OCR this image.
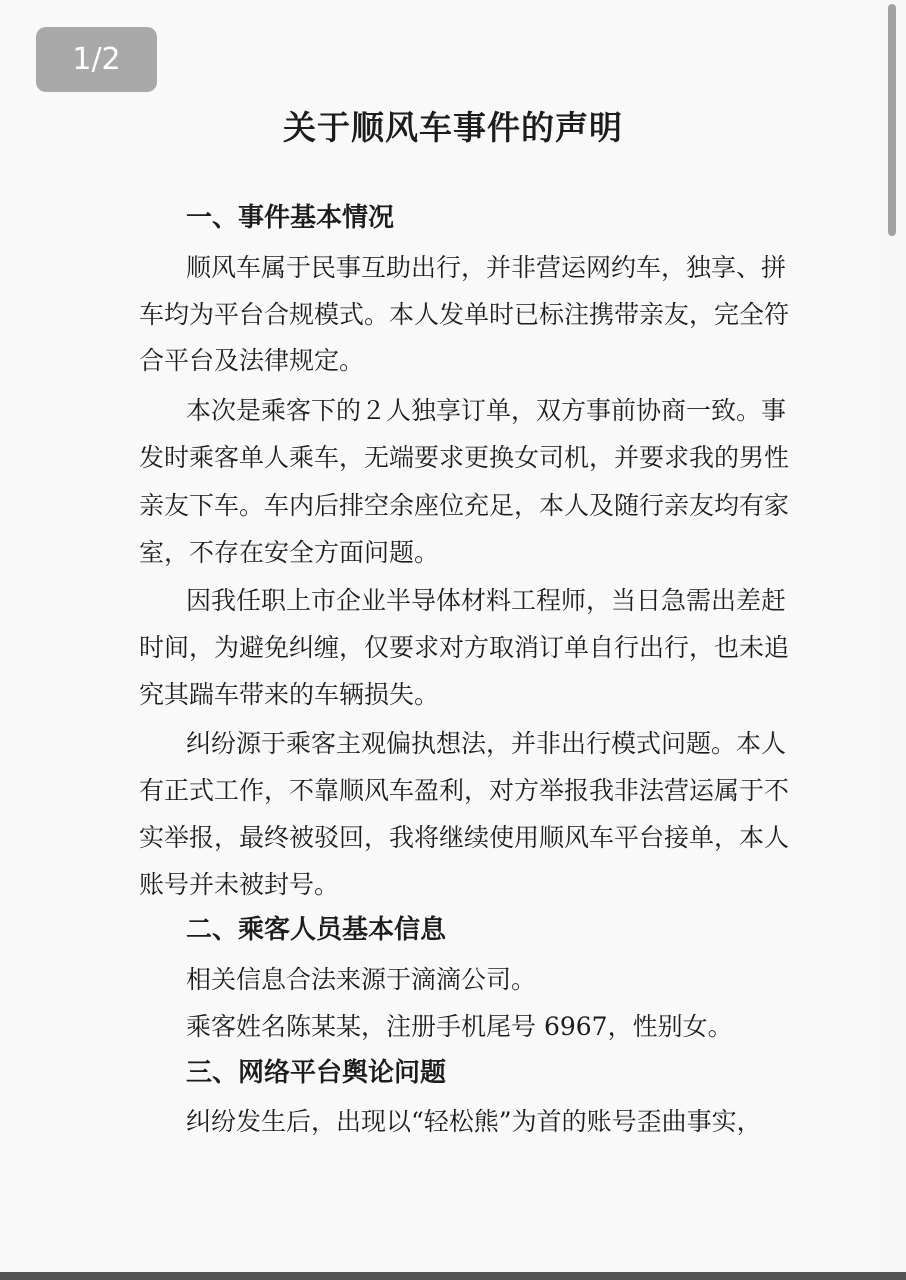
1/2
关于顺风车事件的声明
一、事件基本情况
顺风车属于民事互助出行，并非营运网约车，独享、拼
车均为平台合规模式。本人发单时已标注携带亲友，完全符
合平台及法律规定。
本次是乘客下的２人独享订单，双方事前协商一致。事
发时乘客单人乘车，无端要求更换女司机，并要求我的男性
亲友下车。车内后排空余座位充足，本人及随行亲友均有家
室，不存在安全方面问题。
因我任职上市企业半导体材料工程师，当日急需出差赶
时间，为避免纠缠，仅要求对方取消订单自行出行，也未追
究其踹车带来的车辆损失。
纠纷源于乘客主观偏执想法，并非出行模式问题。本人
有正式工作，不靠顺风车盈利，对方举报我非法营运属于不
实举报，最终被驳回，我将继续使用顺风车平台接单，本人
账号并未被封号。
二、乘客人员基本信息
相关信息合法来源于滴滴公司。
乘客姓名陈某某，注册手机尾号 6967，性别女。
三、网络平台舆论问题
纠纷发生后，出现以“轻松熊”为首的账号歪曲事实，
